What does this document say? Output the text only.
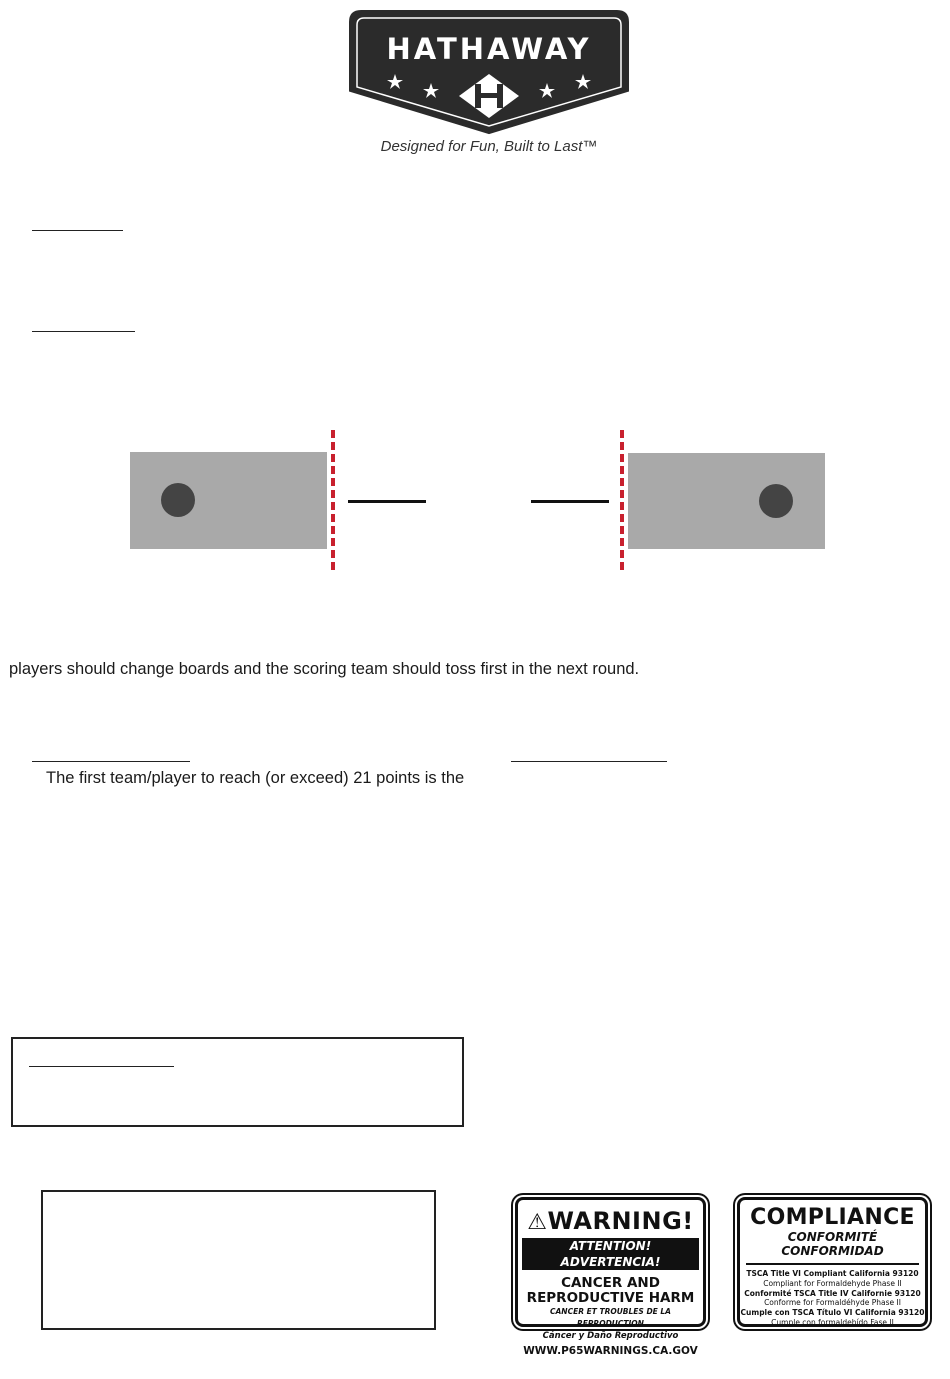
HATHAWAY
Designed for Fun, Built to Last™
players should change boards and the scoring team should toss first in the next round.
The first team/player to reach (or exceed) 21 points is the
⚠WARNING!
ATTENTION! ADVERTENCIA!
CANCER AND
REPRODUCTIVE HARM
CANCER ET TROUBLES DE LA REPRODUCTION
Cáncer y Daño Reproductivo
WWW.P65WARNINGS.CA.GOV
COMPLIANCE
CONFORMITÉ
CONFORMIDAD
TSCA Title VI Compliant California 93120
Compliant for Formaldehyde Phase II
Conformité TSCA Title IV Californie 93120
Conforme for Formaldéhyde Phase II
Cumple con TSCA Título VI California 93120
Cumple con formaldehído Fase II
